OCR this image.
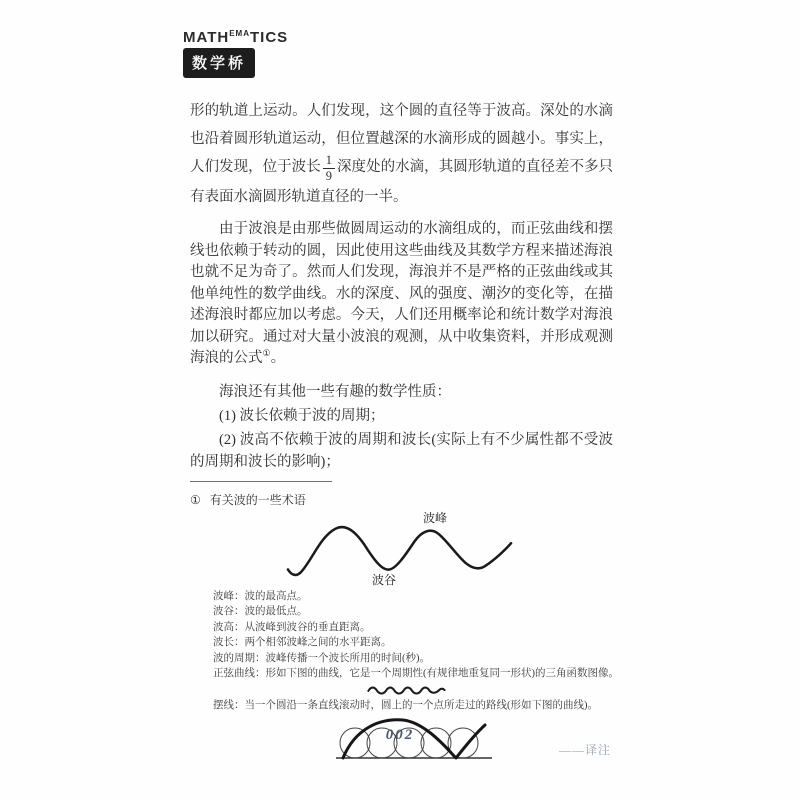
$MATH^{EMA}TICS$
数学桥

形的轨道上运动。人们发现，这个圆的直径等于波高。深处的水滴也沿着圆形轨道运动，但位置越深的水滴形成的圆越小。事实上，人们发现，位于波长 $\frac{1}{9}$ 深度处的水滴，其圆形轨道的直径差不多只有表面水滴圆形轨道直径的一半。

由于波浪是由那些做圆周运动的水滴组成的，而正弦曲线和摆线也依赖于转动的圆，因此使用这些曲线及其数学方程来描述海浪也就不足为奇了。然而人们发现，海浪并不是严格的正弦曲线或其他单纯性的数学曲线。水的深度、风的强度、潮汐的变化等，在描述海浪时都应加以考虑。今天，人们还用概率论和统计数学对海浪加以研究。通过对大量小波浪的观测，从中收集资料，并形成观测海浪的公式①。

海浪还有其他一些有趣的数学性质：

(1) 波长依赖于波的周期；

(2) 波高不依赖于波的周期和波长(实际上有不少属性都不受波的周期和波长的影响)；

① 有关波的一些术语
波峰
波谷
波峰：波的最高点。
波谷：波的最低点。
波高：从波峰到波谷的垂直距离。
波长：两个相邻波峰之间的水平距离。
波的周期：波峰传播一个波长所用的时间(秒)。
正弦曲线：形如下图的曲线，它是一个周期性(有规律地重复同一形状)的三角函数图像。
摆线：当一个圆沿一条直线滚动时，圆上的一个点所走过的路线(形如下图的曲线)。
——译注
002
